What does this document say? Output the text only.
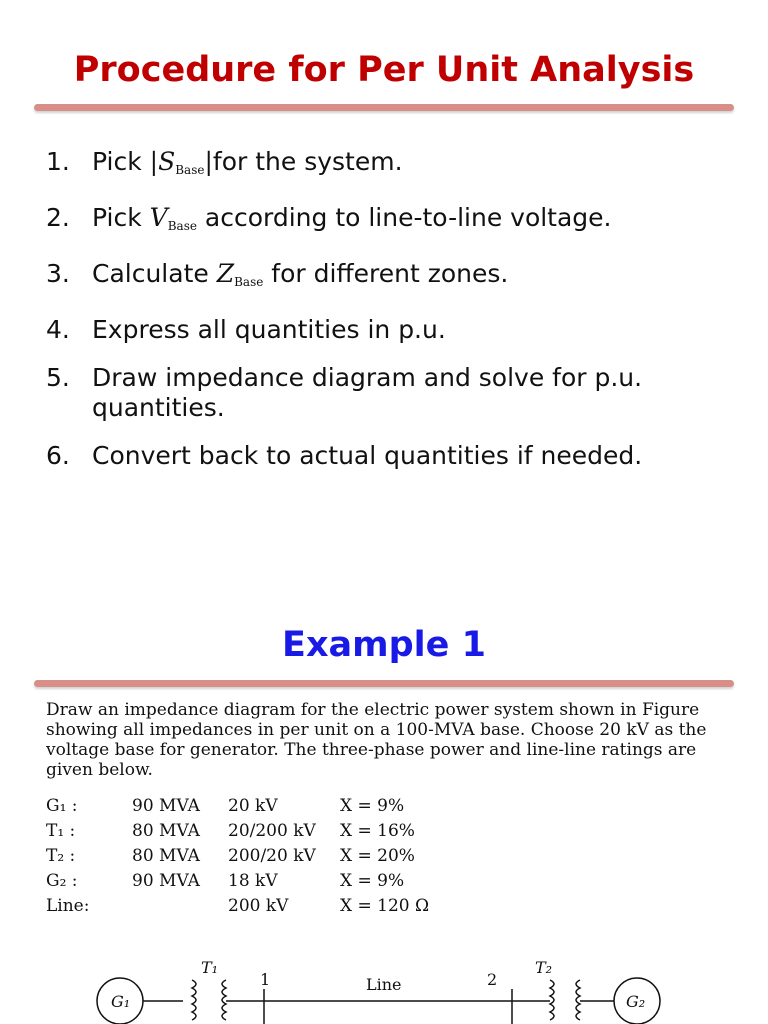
Procedure for Per Unit Analysis
1. Pick $|S_{Base}|for$ the system.
2. Pick $V_{Base}$ according to line-to-line voltage.
3. Calculate $Z_{Base}$ for different zones.
4. Express all quantities in p.u.
5. Draw impedance diagram and solve for p.u.
quantities.
6. Convert back to actual quantities if needed.
Example 1
Draw an impedance diagram for the electric power system shown in Figure showing all impedances in per unit on a 100-MVA base. Choose 20 kV as the voltage base for generator. The three-phase power and line-line ratings are given below.
G₁ :	90 MVA	20 kV	X = 9%
T₁ :	80 MVA	20/200 kV	X = 16%
T₂ :	80 MVA	200/20 kV	X = 20%
G₂ :	90 MVA	18 kV	X = 9%
Line:		200 kV	X = 120 Ω
G₁
T₁
1	Line	2
T₂
G₂
